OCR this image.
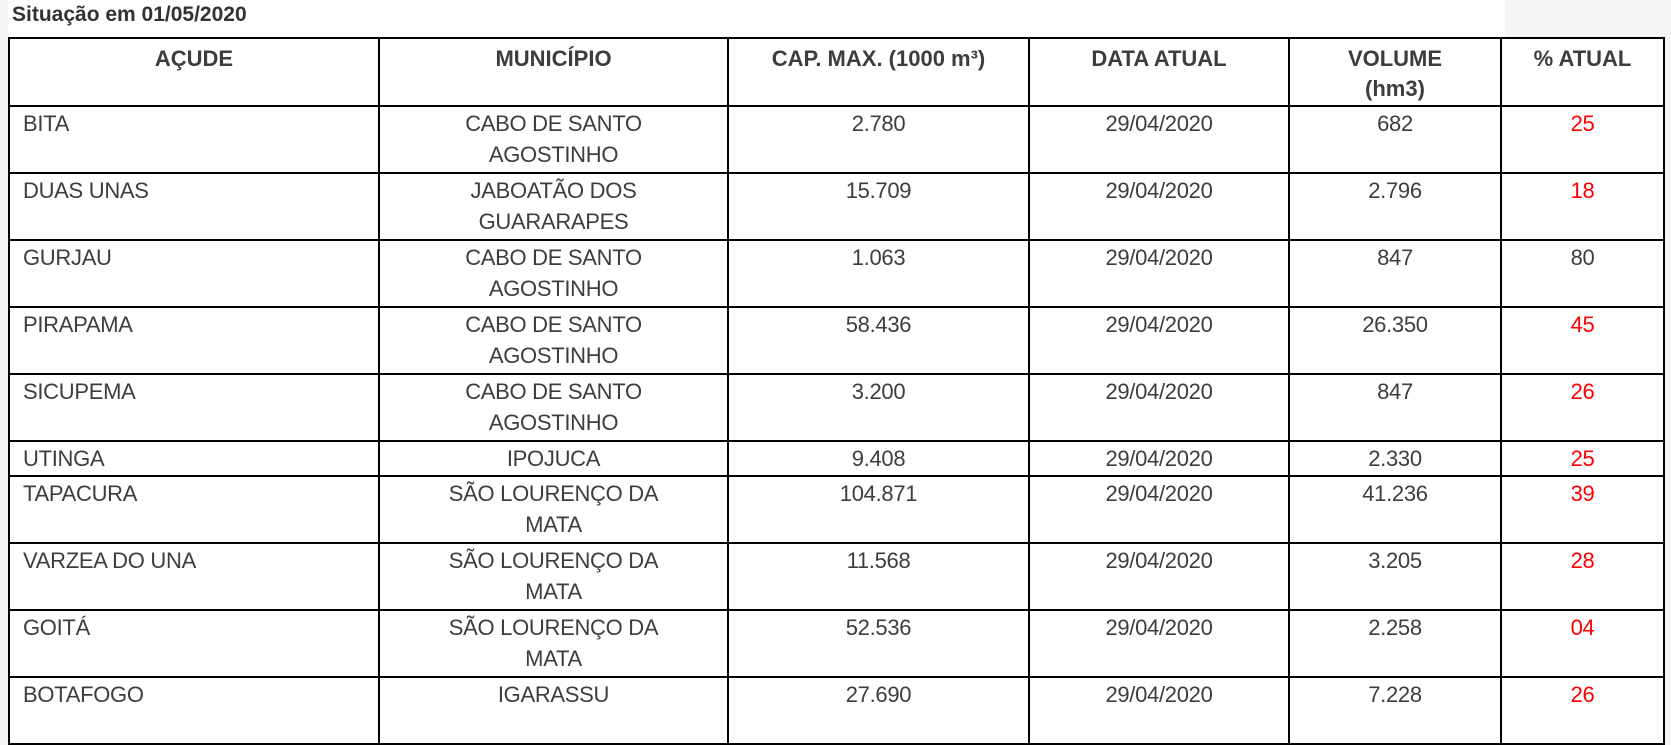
Situação em 01/05/2020
AÇUDE	MUNICÍPIO	CAP. MAX. (1000 m³)	DATA ATUAL	VOLUME (hm3)	% ATUAL
BITA	CABO DE SANTO AGOSTINHO	2.780	29/04/2020	682	25
DUAS UNAS	JABOATÃO DOS GUARARAPES	15.709	29/04/2020	2.796	18
GURJAU	CABO DE SANTO AGOSTINHO	1.063	29/04/2020	847	80
PIRAPAMA	CABO DE SANTO AGOSTINHO	58.436	29/04/2020	26.350	45
SICUPEMA	CABO DE SANTO AGOSTINHO	3.200	29/04/2020	847	26
UTINGA	IPOJUCA	9.408	29/04/2020	2.330	25
TAPACURA	SÃO LOURENÇO DA MATA	104.871	29/04/2020	41.236	39
VARZEA DO UNA	SÃO LOURENÇO DA MATA	11.568	29/04/2020	3.205	28
GOITÁ	SÃO LOURENÇO DA MATA	52.536	29/04/2020	2.258	04
BOTAFOGO	IGARASSU	27.690	29/04/2020	7.228	26
